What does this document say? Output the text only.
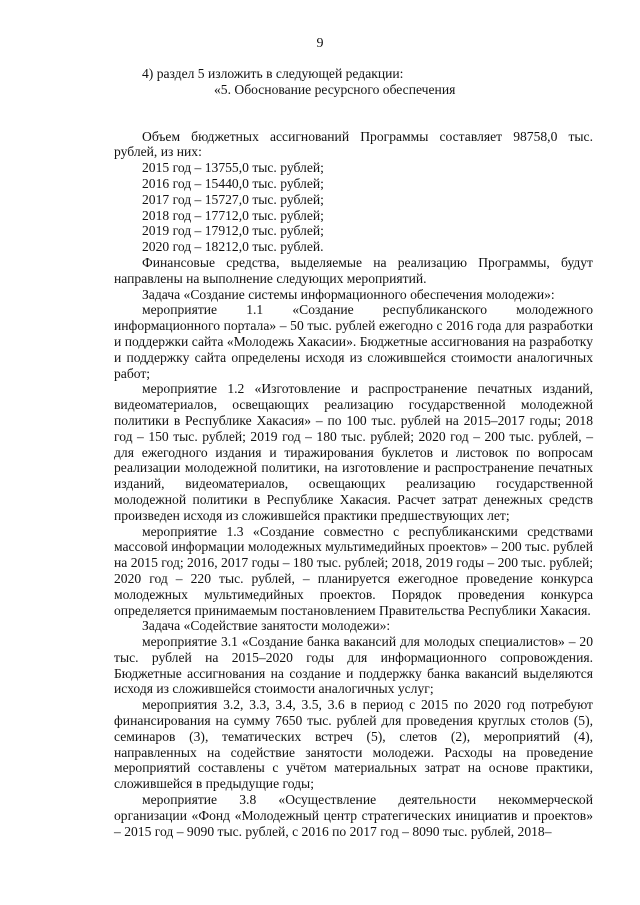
9

4) раздел 5 изложить в следующей редакции:

«5. Обоснование ресурсного обеспечения

Объем бюджетных ассигнований Программы составляет 98758,0 тыс. рублей, из них:

2015 год – 13755,0 тыс. рублей;
2016 год – 15440,0 тыс. рублей;
2017 год – 15727,0 тыс. рублей;
2018 год – 17712,0 тыс. рублей;
2019 год – 17912,0 тыс. рублей;
2020 год – 18212,0 тыс. рублей.

Финансовые средства, выделяемые на реализацию Программы, будут направлены на выполнение следующих мероприятий.

Задача «Создание системы информационного обеспечения молодежи»:

мероприятие 1.1 «Создание республиканского молодежного информационного портала» – 50 тыс. рублей ежегодно с 2016 года для разработки и поддержки сайта «Молодежь Хакасии». Бюджетные ассигнования на разработку и поддержку сайта определены исходя из сложившейся стоимости аналогичных работ;

мероприятие 1.2 «Изготовление и распространение печатных изданий, видеоматериалов, освещающих реализацию государственной молодежной политики в Республике Хакасия» – по 100 тыс. рублей на 2015–2017 годы; 2018 год – 150 тыс. рублей; 2019 год – 180 тыс. рублей; 2020 год – 200 тыс. рублей, – для ежегодного издания и тиражирования буклетов и листовок по вопросам реализации молодежной политики, на изготовление и распространение печатных изданий, видеоматериалов, освещающих реализацию государственной молодежной политики в Республике Хакасия. Расчет затрат денежных средств произведен исходя из сложившейся практики предшествующих лет;

мероприятие 1.3 «Создание совместно с республиканскими средствами массовой информации молодежных мультимедийных проектов» – 200 тыс. рублей на 2015 год; 2016, 2017 годы – 180 тыс. рублей; 2018, 2019 годы – 200 тыс. рублей; 2020 год – 220 тыс. рублей, – планируется ежегодное проведение конкурса молодежных мультимедийных проектов. Порядок проведения конкурса определяется принимаемым постановлением Правительства Республики Хакасия.

Задача «Содействие занятости молодежи»:

мероприятие 3.1 «Создание банка вакансий для молодых специалистов» – 20 тыс. рублей на 2015–2020 годы для информационного сопровождения. Бюджетные ассигнования на создание и поддержку банка вакансий выделяются исходя из сложившейся стоимости аналогичных услуг;

мероприятия 3.2, 3.3, 3.4, 3.5, 3.6 в период с 2015 по 2020 год потребуют финансирования на сумму 7650 тыс. рублей для проведения круглых столов (5), семинаров (3), тематических встреч (5), слетов (2), мероприятий (4), направленных на содействие занятости молодежи. Расходы на проведение мероприятий составлены с учётом материальных затрат на основе практики, сложившейся в предыдущие годы;

мероприятие 3.8 «Осуществление деятельности некоммерческой организации «Фонд «Молодежный центр стратегических инициатив и проектов» – 2015 год – 9090 тыс. рублей, с 2016 по 2017 год – 8090 тыс. рублей, 2018–
